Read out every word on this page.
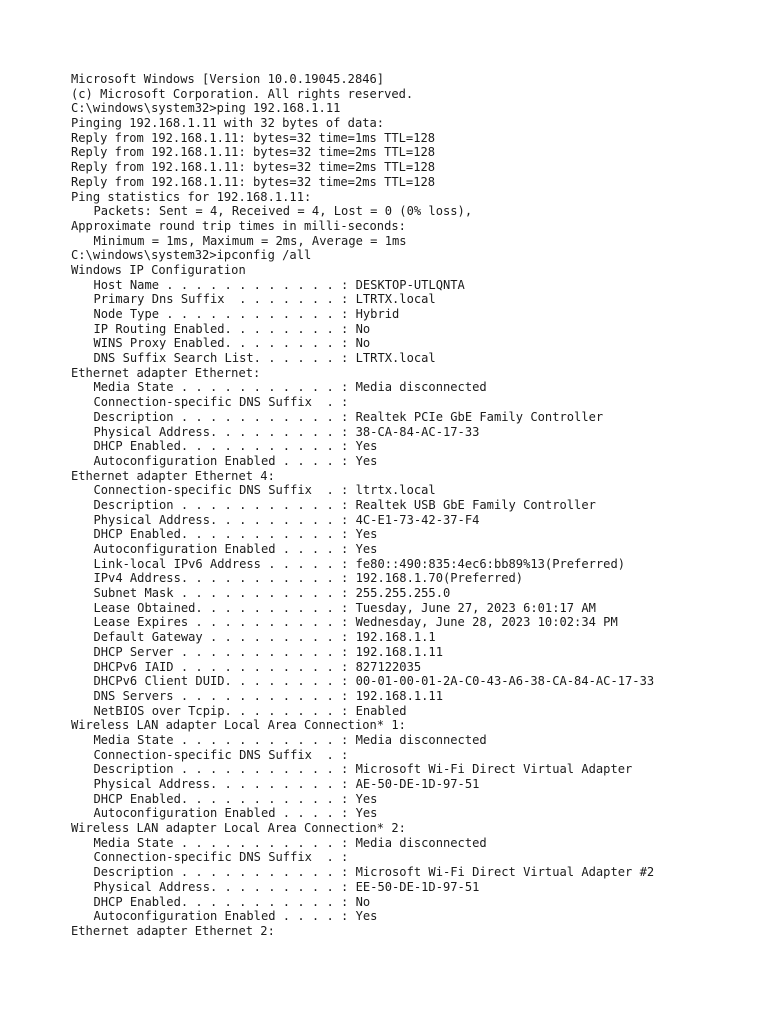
Microsoft Windows [Version 10.0.19045.2846]
(c) Microsoft Corporation. All rights reserved.
C:\windows\system32>ping 192.168.1.11
Pinging 192.168.1.11 with 32 bytes of data:
Reply from 192.168.1.11: bytes=32 time=1ms TTL=128
Reply from 192.168.1.11: bytes=32 time=2ms TTL=128
Reply from 192.168.1.11: bytes=32 time=2ms TTL=128
Reply from 192.168.1.11: bytes=32 time=2ms TTL=128
Ping statistics for 192.168.1.11:
Packets: Sent = 4, Received = 4, Lost = 0 (0% loss),
Approximate round trip times in milli-seconds:
Minimum = 1ms, Maximum = 2ms, Average = 1ms
C:\windows\system32>ipconfig /all
Windows IP Configuration
Host Name . . . . . . . . . . . . : DESKTOP-UTLQNTA
Primary Dns Suffix  . . . . . . . : LTRTX.local
Node Type . . . . . . . . . . . . : Hybrid
IP Routing Enabled. . . . . . . . : No
WINS Proxy Enabled. . . . . . . . : No
DNS Suffix Search List. . . . . . : LTRTX.local
Ethernet adapter Ethernet:
Media State . . . . . . . . . . . : Media disconnected
Connection-specific DNS Suffix  . :
Description . . . . . . . . . . . : Realtek PCIe GbE Family Controller
Physical Address. . . . . . . . . : 38-CA-84-AC-17-33
DHCP Enabled. . . . . . . . . . . : Yes
Autoconfiguration Enabled . . . . : Yes
Ethernet adapter Ethernet 4:
Connection-specific DNS Suffix  . : ltrtx.local
Description . . . . . . . . . . . : Realtek USB GbE Family Controller
Physical Address. . . . . . . . . : 4C-E1-73-42-37-F4
DHCP Enabled. . . . . . . . . . . : Yes
Autoconfiguration Enabled . . . . : Yes
Link-local IPv6 Address . . . . . : fe80::490:835:4ec6:bb89%13(Preferred)
IPv4 Address. . . . . . . . . . . : 192.168.1.70(Preferred)
Subnet Mask . . . . . . . . . . . : 255.255.255.0
Lease Obtained. . . . . . . . . . : Tuesday, June 27, 2023 6:01:17 AM
Lease Expires . . . . . . . . . . : Wednesday, June 28, 2023 10:02:34 PM
Default Gateway . . . . . . . . . : 192.168.1.1
DHCP Server . . . . . . . . . . . : 192.168.1.11
DHCPv6 IAID . . . . . . . . . . . : 827122035
DHCPv6 Client DUID. . . . . . . . : 00-01-00-01-2A-C0-43-A6-38-CA-84-AC-17-33
DNS Servers . . . . . . . . . . . : 192.168.1.11
NetBIOS over Tcpip. . . . . . . . : Enabled
Wireless LAN adapter Local Area Connection* 1:
Media State . . . . . . . . . . . : Media disconnected
Connection-specific DNS Suffix  . :
Description . . . . . . . . . . . : Microsoft Wi-Fi Direct Virtual Adapter
Physical Address. . . . . . . . . : AE-50-DE-1D-97-51
DHCP Enabled. . . . . . . . . . . : Yes
Autoconfiguration Enabled . . . . : Yes
Wireless LAN adapter Local Area Connection* 2:
Media State . . . . . . . . . . . : Media disconnected
Connection-specific DNS Suffix  . :
Description . . . . . . . . . . . : Microsoft Wi-Fi Direct Virtual Adapter #2
Physical Address. . . . . . . . . : EE-50-DE-1D-97-51
DHCP Enabled. . . . . . . . . . . : No
Autoconfiguration Enabled . . . . : Yes
Ethernet adapter Ethernet 2:
